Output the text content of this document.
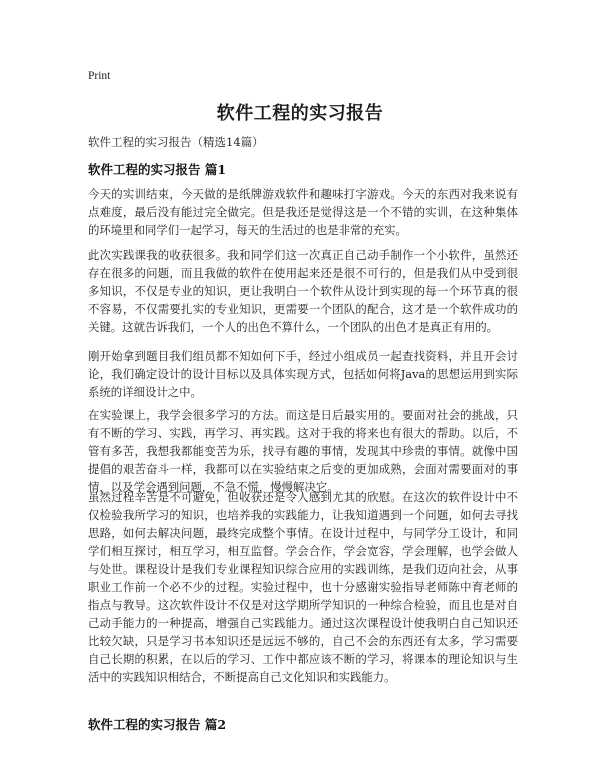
Print
软件工程的实习报告
软件工程的实习报告（精选14篇）
软件工程的实习报告 篇1

今天的实训结束，今天做的是纸牌游戏软件和趣味打字游戏。今天的东西对我来说有点难度，最后没有能过完全做完。但是我还是觉得这是一个不错的实训，在这种集体的环境里和同学们一起学习，每天的生活过的也是非常的充实。

此次实践课我的收获很多。我和同学们这一次真正自己动手制作一个小软件，虽然还存在很多的问题，而且我做的软件在使用起来还是很不可行的，但是我们从中受到很多知识，不仅是专业的知识，更让我明白一个软件从设计到实现的每一个环节真的很不容易，不仅需要扎实的专业知识，更需要一个团队的配合，这才是一个软件成功的关键。这就告诉我们，一个人的出色不算什么，一个团队的出色才是真正有用的。

刚开始拿到题目我们组员都不知如何下手，经过小组成员一起查找资料，并且开会讨论，我们确定设计的设计目标以及具体实现方式，包括如何将Java的思想运用到实际系统的详细设计之中。

在实验课上，我学会很多学习的方法。而这是日后最实用的。要面对社会的挑战，只有不断的学习、实践，再学习、再实践。这对于我的将来也有很大的帮助。以后，不管有多苦，我想我都能变苦为乐，找寻有趣的事情，发现其中珍贵的事情。就像中国提倡的艰苦奋斗一样，我都可以在实验结束之后变的更加成熟，会面对需要面对的事情，以及学会遇到问题，不急不慌，慢慢解决它。

虽然过程辛苦是不可避免，但收获还是令人感到尤其的欣慰。在这次的软件设计中不仅检验我所学习的知识，也培养我的实践能力，让我知道遇到一个问题，如何去寻找思路，如何去解决问题，最终完成整个事情。在设计过程中，与同学分工设计，和同学们相互探讨，相互学习，相互监督。学会合作，学会宽容，学会理解，也学会做人与处世。课程设计是我们专业课程知识综合应用的实践训练，是我们迈向社会，从事职业工作前一个必不少的过程。实验过程中，也十分感谢实验指导老师陈中育老师的指点与教导。这次软件设计不仅是对这学期所学知识的一种综合检验，而且也是对自己动手能力的一种提高，增强自己实践能力。通过这次课程设计使我明白自己知识还比较欠缺，只是学习书本知识还是远远不够的，自己不会的东西还有太多，学习需要自己长期的积累，在以后的学习、工作中都应该不断的学习，将课本的理论知识与生活中的实践知识相结合，不断提高自己文化知识和实践能力。

软件工程的实习报告 篇2
